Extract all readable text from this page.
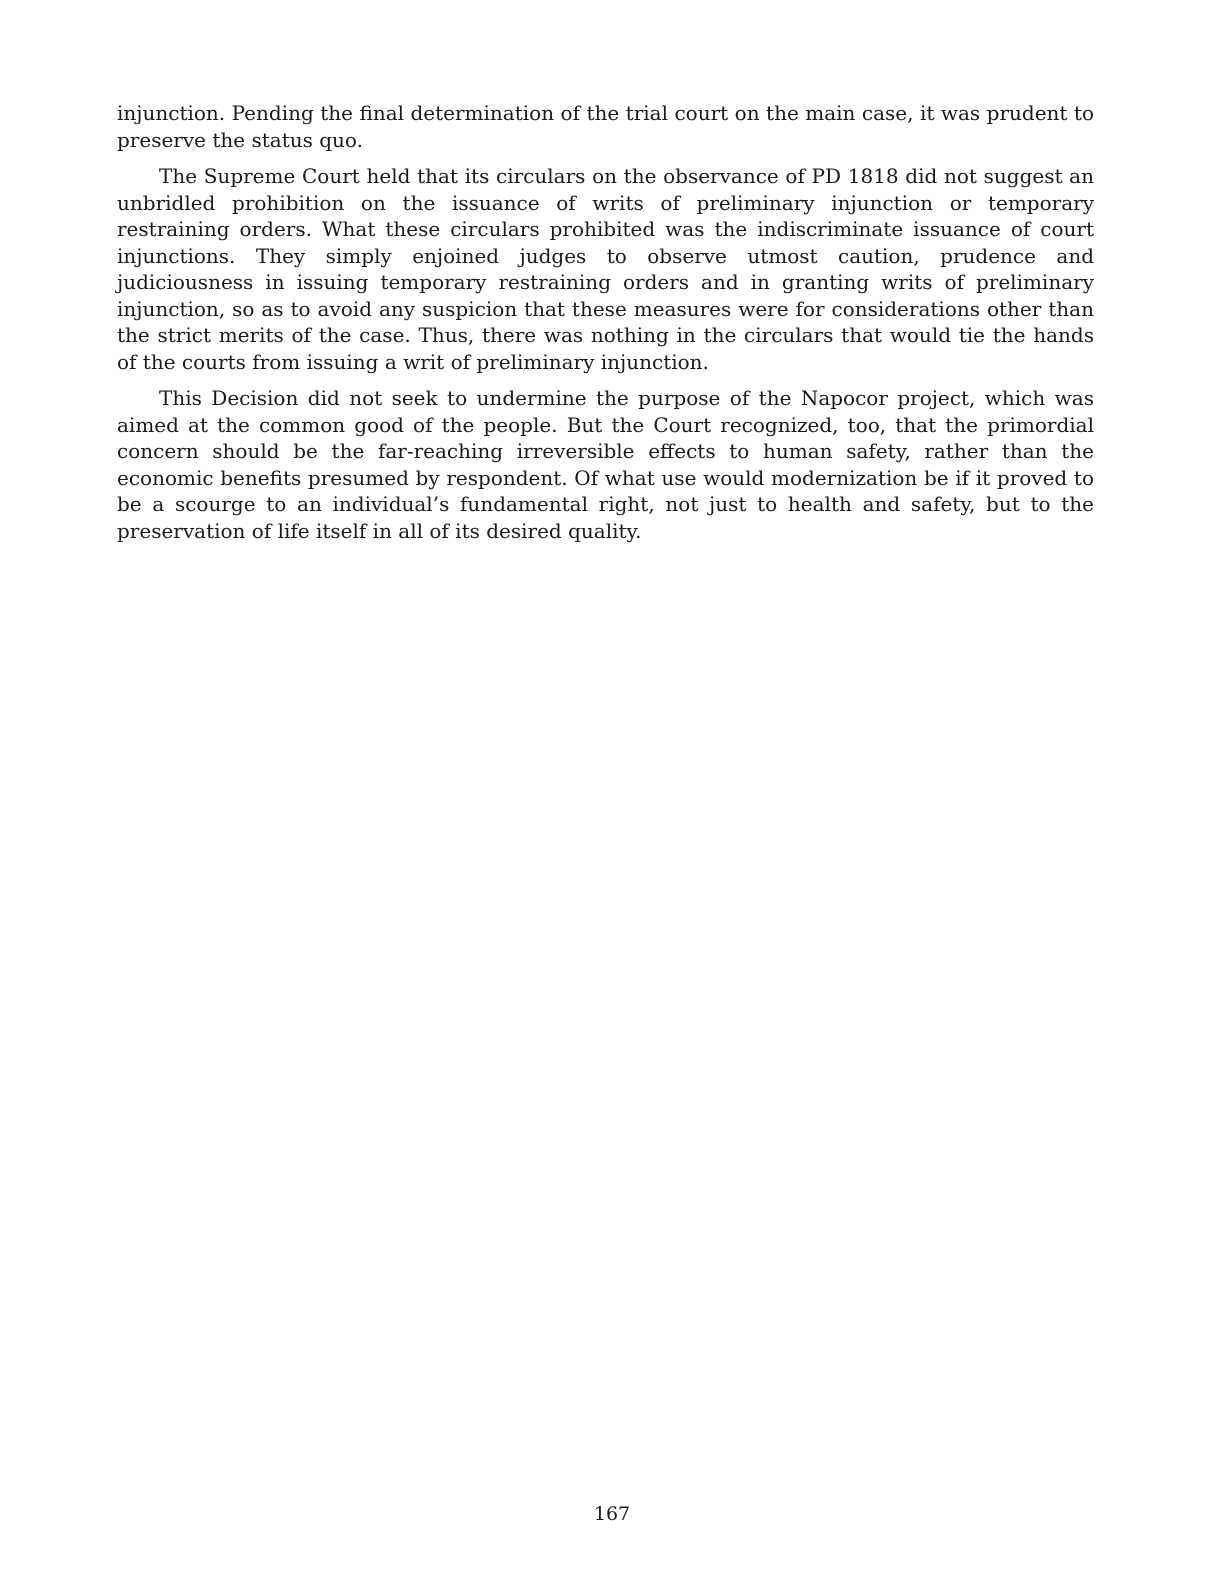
injunction. Pending the final determination of the trial court on the main case, it was prudent to preserve the status quo.

The Supreme Court held that its circulars on the observance of PD 1818 did not suggest an unbridled prohibition on the issuance of writs of preliminary injunction or temporary restraining orders. What these circulars prohibited was the indiscriminate issuance of court injunctions. They simply enjoined judges to observe utmost caution, prudence and judiciousness in issuing temporary restraining orders and in granting writs of preliminary injunction, so as to avoid any suspicion that these measures were for considerations other than the strict merits of the case. Thus, there was nothing in the circulars that would tie the hands of the courts from issuing a writ of preliminary injunction.

This Decision did not seek to undermine the purpose of the Napocor project, which was aimed at the common good of the people. But the Court recognized, too, that the primordial concern should be the far-reaching irreversible effects to human safety, rather than the economic benefits presumed by respondent. Of what use would modernization be if it proved to be a scourge to an individual’s fundamental right, not just to health and safety, but to the preservation of life itself in all of its desired quality.

167
